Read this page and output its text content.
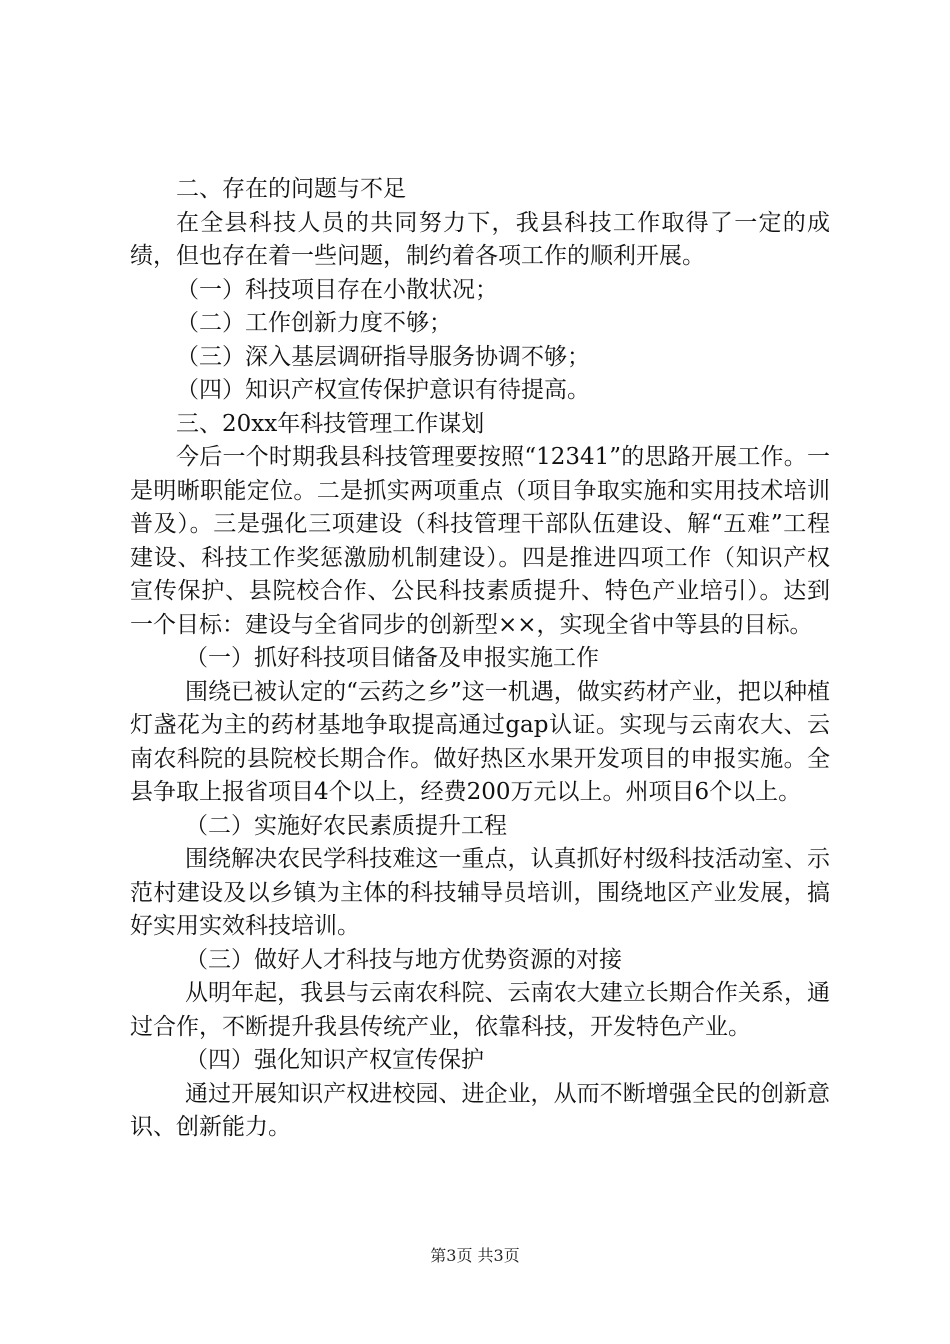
二、存在的问题与不足

在全县科技人员的共同努力下，我县科技工作取得了一定的成绩，但也存在着一些问题，制约着各项工作的顺利开展。

（一）科技项目存在小散状况；

（二）工作创新力度不够；

（三）深入基层调研指导服务协调不够；

（四）知识产权宣传保护意识有待提高。

三、20xx年科技管理工作谋划

今后一个时期我县科技管理要按照“12341”的思路开展工作。一是明晰职能定位。二是抓实两项重点（项目争取实施和实用技术培训普及）。三是强化三项建设（科技管理干部队伍建设、解“五难”工程建设、科技工作奖惩激励机制建设）。四是推进四项工作（知识产权宣传保护、县院校合作、公民科技素质提升、特色产业培引）。达到一个目标：建设与全省同步的创新型××，实现全省中等县的目标。

（一）抓好科技项目储备及申报实施工作

围绕已被认定的“云药之乡”这一机遇，做实药材产业，把以种植灯盏花为主的药材基地争取提高通过gap认证。实现与云南农大、云南农科院的县院校长期合作。做好热区水果开发项目的申报实施。全县争取上报省项目4个以上，经费200万元以上。州项目6个以上。

（二）实施好农民素质提升工程

围绕解决农民学科技难这一重点，认真抓好村级科技活动室、示范村建设及以乡镇为主体的科技辅导员培训，围绕地区产业发展，搞好实用实效科技培训。

（三）做好人才科技与地方优势资源的对接

从明年起，我县与云南农科院、云南农大建立长期合作关系，通过合作，不断提升我县传统产业，依靠科技，开发特色产业。

（四）强化知识产权宣传保护

通过开展知识产权进校园、进企业，从而不断增强全民的创新意识、创新能力。

第3页 共3页
